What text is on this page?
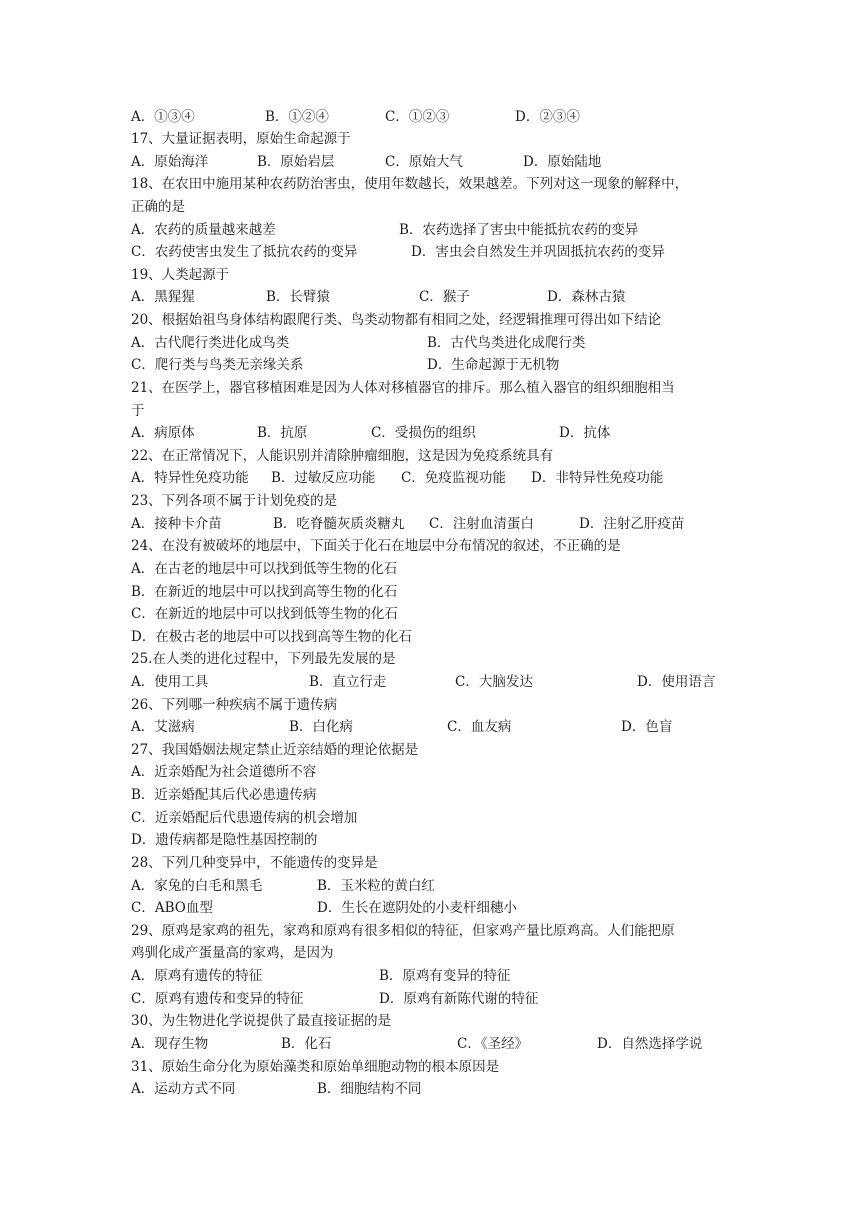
A．①③④	B．①②④	C．①②③	D．②③④
17、大量证据表明，原始生命起源于
A．原始海洋	B．原始岩层	C．原始大气	D．原始陆地
18、在农田中施用某种农药防治害虫，使用年数越长，效果越差。下列对这一现象的解释中，
正确的是
A．农药的质量越来越差	B．农药选择了害虫中能抵抗农药的变异
C．农药使害虫发生了抵抗农药的变异	D．害虫会自然发生并巩固抵抗农药的变异
19、人类起源于
A．黑猩猩	B．长臂猿	C．猴子	D．森林古猿
20、根据始祖鸟身体结构跟爬行类、鸟类动物都有相同之处，经逻辑推理可得出如下结论
A．古代爬行类进化成鸟类	B．古代鸟类进化成爬行类
C．爬行类与鸟类无亲缘关系	D．生命起源于无机物
21、在医学上，器官移植困难是因为人体对移植器官的排斥。那么植入器官的组织细胞相当
于
A．病原体	B．抗原	C．受损伤的组织	D．抗体
22、在正常情况下，人能识别并清除肿瘤细胞，这是因为免疫系统具有
A．特异性免疫功能 B．过敏反应功能 C．免疫监视功能 D．非特异性免疫功能
23、下列各项不属于计划免疫的是
A．接种卡介苗	B．吃脊髓灰质炎糖丸 C．注射血清蛋白	D．注射乙肝疫苗
24、在没有被破坏的地层中，下面关于化石在地层中分布情况的叙述，不正确的是
A．在古老的地层中可以找到低等生物的化石
B．在新近的地层中可以找到高等生物的化石
C．在新近的地层中可以找到低等生物的化石
D．在极古老的地层中可以找到高等生物的化石
25.在人类的进化过程中，下列最先发展的是
A．使用工具	B．直立行走	C．大脑发达	D．使用语言
26、下列哪一种疾病不属于遗传病
A．艾滋病	B．白化病	C．血友病	D．色盲
27、我国婚姻法规定禁止近亲结婚的理论依据是
A．近亲婚配为社会道德所不容
B．近亲婚配其后代必患遗传病
C．近亲婚配后代患遗传病的机会增加
D．遗传病都是隐性基因控制的
28、下列几种变异中，不能遗传的变异是
A．家兔的白毛和黑毛	B．玉米粒的黄白红
C．ABO血型	D．生长在遮阴处的小麦杆细穗小
29、原鸡是家鸡的祖先，家鸡和原鸡有很多相似的特征，但家鸡产量比原鸡高。人们能把原
鸡驯化成产蛋量高的家鸡，是因为
A．原鸡有遗传的特征	B．原鸡有变异的特征
C．原鸡有遗传和变异的特征	D．原鸡有新陈代谢的特征
30、为生物进化学说提供了最直接证据的是
A．现存生物	B．化石	C．《圣经》	D．自然选择学说
31、原始生命分化为原始藻类和原始单细胞动物的根本原因是
A．运动方式不同	B．细胞结构不同
